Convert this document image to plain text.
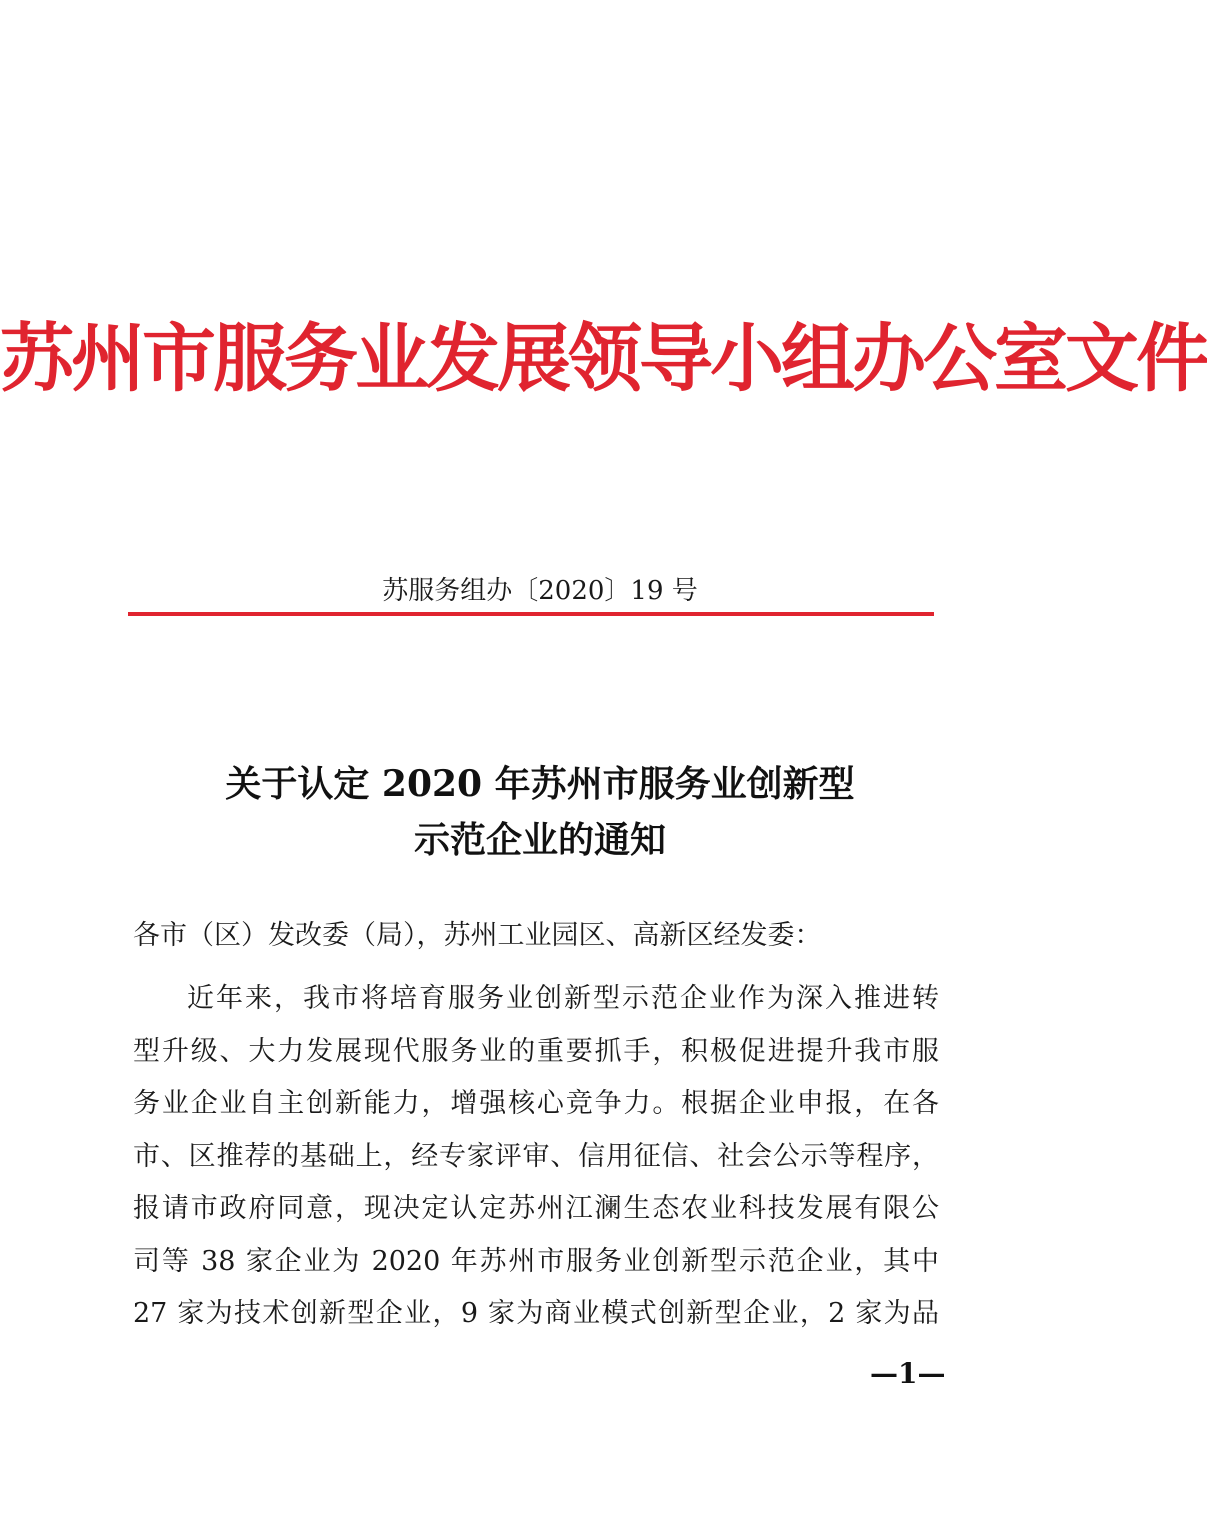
苏州市服务业发展领导小组办公室文件
苏服务组办〔2020〕19 号
关于认定 2020 年苏州市服务业创新型
示范企业的通知
各市（区）发改委（局），苏州工业园区、高新区经发委：
近年来，我市将培育服务业创新型示范企业作为深入推进转
型升级、大力发展现代服务业的重要抓手，积极促进提升我市服
务业企业自主创新能力，增强核心竞争力。根据企业申报，在各
市、区推荐的基础上，经专家评审、信用征信、社会公示等程序，
报请市政府同意，现决定认定苏州江澜生态农业科技发展有限公
司等 38 家企业为 2020 年苏州市服务业创新型示范企业，其中
27 家为技术创新型企业，9 家为商业模式创新型企业，2 家为品
—1—
